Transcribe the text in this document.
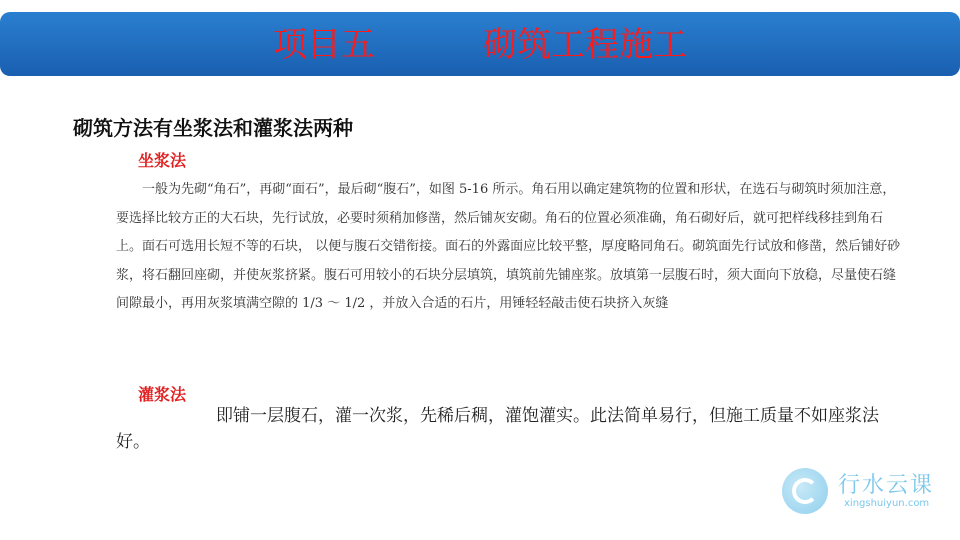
项目五          砌筑工程施工
砌筑方法有坐浆法和灌浆法两种
坐浆法
一般为先砌“角石”，再砌“面石”，最后砌“腹石”，如图 5-16 所示。角石用以确定建筑物的位置和形状，在选石与砌筑时须加注意，要选择比较方正的大石块，先行试放，必要时须稍加修凿，然后铺灰安砌。角石的位置必须准确，角石砌好后，就可把样线移挂到角石上。面石可选用长短不等的石块， 以便与腹石交错衔接。面石的外露面应比较平整，厚度略同角石。砌筑面先行试放和修凿，然后铺好砂浆，将石翻回座砌，并使灰浆挤紧。腹石可用较小的石块分层填筑，填筑前先铺座浆。放填第一层腹石时，须大面向下放稳，尽量使石缝间隙最小，再用灰浆填满空隙的 1/3 ～ 1/2 ，并放入合适的石片，用锤轻轻敲击使石块挤入灰缝
灌浆法
即铺一层腹石，灌一次浆，先稀后稠，灌饱灌实。此法简单易行，但施工质量不如座浆法好。
行水云课
xingshuiyun.com
